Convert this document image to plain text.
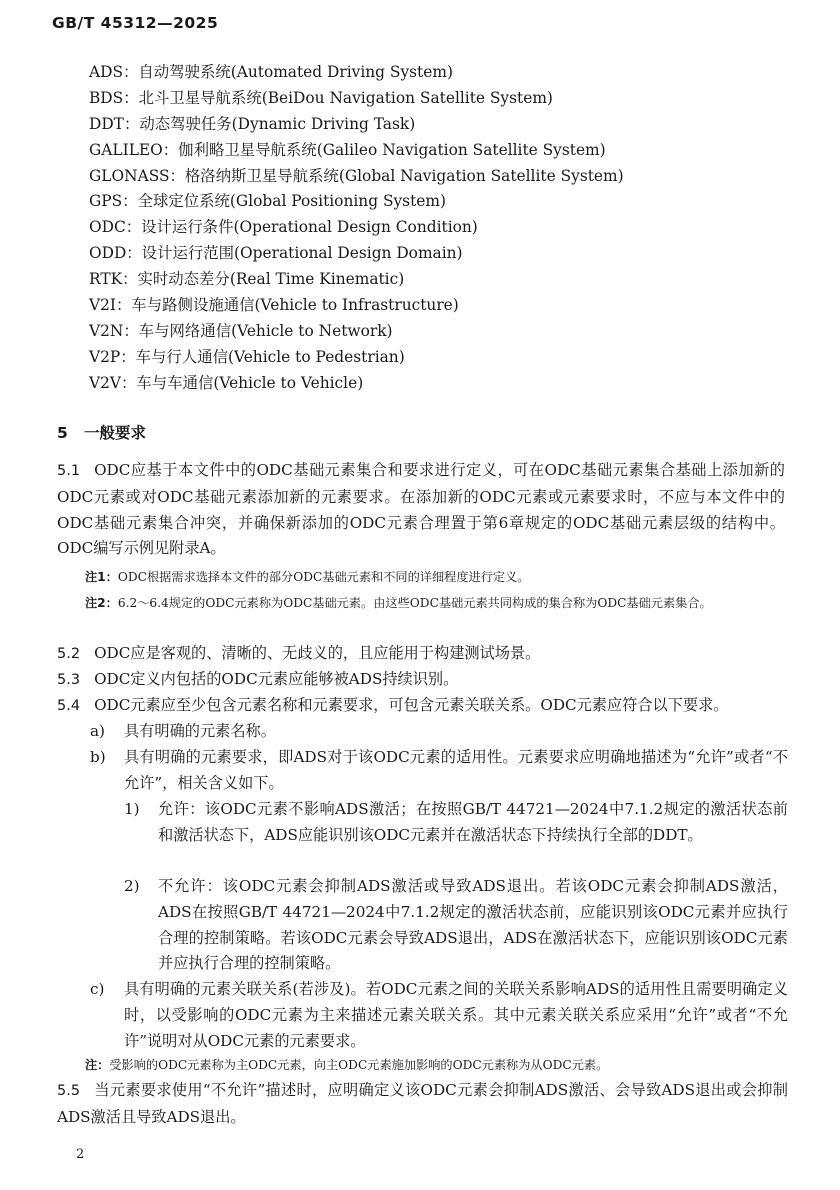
GB/T 45312—2025
ADS：自动驾驶系统(Automated Driving System)
BDS：北斗卫星导航系统(BeiDou Navigation Satellite System)
DDT：动态驾驶任务(Dynamic Driving Task)
GALILEO：伽利略卫星导航系统(Galileo Navigation Satellite System)
GLONASS：格洛纳斯卫星导航系统(Global Navigation Satellite System)
GPS：全球定位系统(Global Positioning System)
ODC：设计运行条件(Operational Design Condition)
ODD：设计运行范围(Operational Design Domain)
RTK：实时动态差分(Real Time Kinematic)
V2I：车与路侧设施通信(Vehicle to Infrastructure)
V2N：车与网络通信(Vehicle to Network)
V2P：车与行人通信(Vehicle to Pedestrian)
V2V：车与车通信(Vehicle to Vehicle)
5 一般要求
5.1 ODC应基于本文件中的ODC基础元素集合和要求进行定义，可在ODC基础元素集合基础上添加新的ODC元素或对ODC基础元素添加新的元素要求。在添加新的ODC元素或元素要求时，不应与本文件中的ODC基础元素集合冲突，并确保新添加的ODC元素合理置于第6章规定的ODC基础元素层级的结构中。ODC编写示例见附录A。
注1：ODC根据需求选择本文件的部分ODC基础元素和不同的详细程度进行定义。
注2：6.2～6.4规定的ODC元素称为ODC基础元素。由这些ODC基础元素共同构成的集合称为ODC基础元素集合。
5.2 ODC应是客观的、清晰的、无歧义的，且应能用于构建测试场景。
5.3 ODC定义内包括的ODC元素应能够被ADS持续识别。
5.4 ODC元素应至少包含元素名称和元素要求，可包含元素关联关系。ODC元素应符合以下要求。
a) 具有明确的元素名称。
b) 具有明确的元素要求，即ADS对于该ODC元素的适用性。元素要求应明确地描述为“允许”或者“不允许”，相关含义如下。
1) 允许：该ODC元素不影响ADS激活；在按照GB/T 44721—2024中7.1.2规定的激活状态前和激活状态下，ADS应能识别该ODC元素并在激活状态下持续执行全部的DDT。
2) 不允许：该ODC元素会抑制ADS激活或导致ADS退出。若该ODC元素会抑制ADS激活，ADS在按照GB/T 44721—2024中7.1.2规定的激活状态前，应能识别该ODC元素并应执行合理的控制策略。若该ODC元素会导致ADS退出，ADS在激活状态下，应能识别该ODC元素并应执行合理的控制策略。
c) 具有明确的元素关联关系(若涉及)。若ODC元素之间的关联关系影响ADS的适用性且需要明确定义时，以受影响的ODC元素为主来描述元素关联关系。其中元素关联关系应采用“允许”或者“不允许”说明对从ODC元素的元素要求。
注：受影响的ODC元素称为主ODC元素，向主ODC元素施加影响的ODC元素称为从ODC元素。
5.5 当元素要求使用“不允许”描述时，应明确定义该ODC元素会抑制ADS激活、会导致ADS退出或会抑制ADS激活且导致ADS退出。
2
